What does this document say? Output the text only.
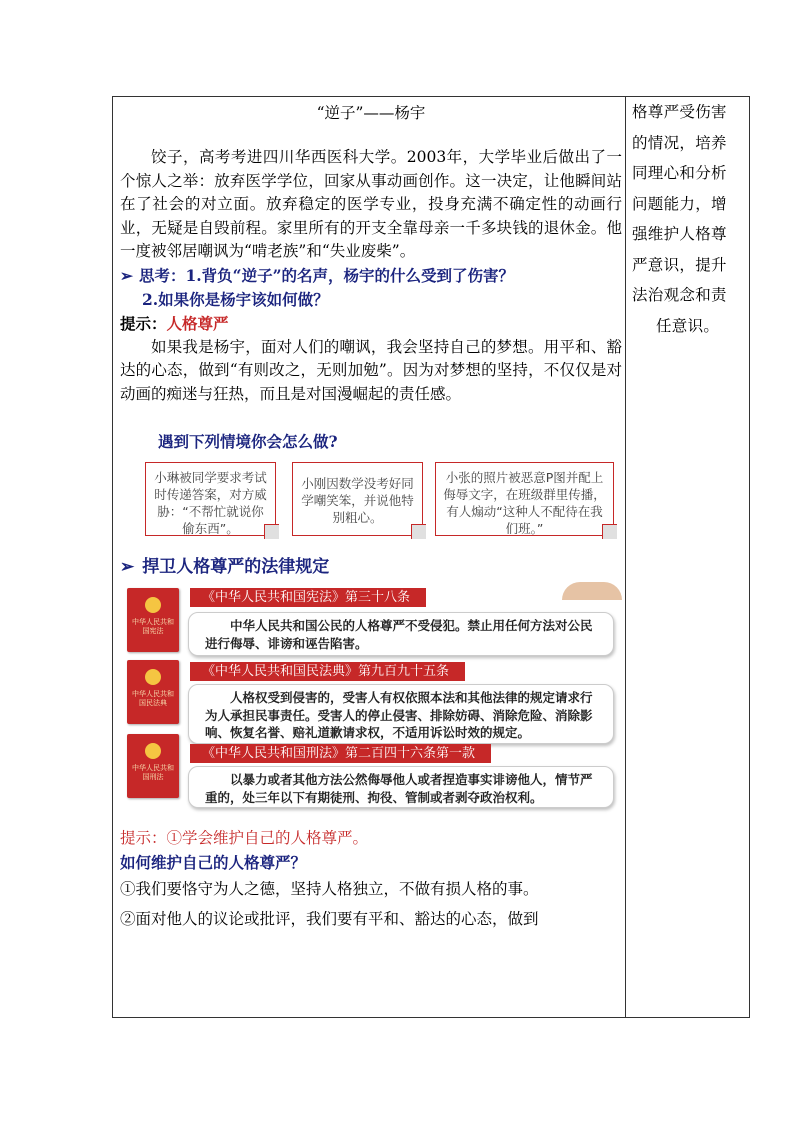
“逆子”——杨宇

饺子，高考考进四川华西医科大学。2003年，大学毕业后做出了一个惊人之举：放弃医学学位，回家从事动画创作。这一决定，让他瞬间站在了社会的对立面。放弃稳定的医学专业，投身充满不确定性的动画行业，无疑是自毁前程。家里所有的开支全靠母亲一千多块钱的退休金。他一度被邻居嘲讽为“啃老族”和“失业废柴”。

➢ 思考：1.背负“逆子”的名声，杨宇的什么受到了伤害？

2.如果你是杨宇该如何做？

提示：人格尊严

如果我是杨宇，面对人们的嘲讽，我会坚持自己的梦想。用平和、豁达的心态，做到“有则改之，无则加勉”。因为对梦想的坚持，不仅仅是对动画的痴迷与狂热，而且是对国漫崛起的责任感。

遇到下列情境你会怎么做?

小琳被同学要求考试时传递答案，对方威胁：“不帮忙就说你偷东西”。
小刚因数学没考好同学嘲笑笨，并说他特别粗心。
小张的照片被恶意P图并配上侮辱文字，在班级群里传播，有人煽动“这种人不配待在我们班。”

➢ 捍卫人格尊严的法律规定

中华人民共和国宪法
《中华人民共和国宪法》第三十八条
中华人民共和国公民的人格尊严不受侵犯。禁止用任何方法对公民进行侮辱、诽谤和诬告陷害。
中华人民共和国民法典
《中华人民共和国民法典》第九百九十五条
人格权受到侵害的，受害人有权依照本法和其他法律的规定请求行为人承担民事责任。受害人的停止侵害、排除妨碍、消除危险、消除影响、恢复名誉、赔礼道歉请求权，不适用诉讼时效的规定。
中华人民共和国刑法
《中华人民共和国刑法》第二百四十六条第一款
以暴力或者其他方法公然侮辱他人或者捏造事实诽谤他人，情节严重的，处三年以下有期徒刑、拘役、管制或者剥夺政治权利。

提示：①学会维护自己的人格尊严。

如何维护自己的人格尊严？

①我们要恪守为人之德，坚持人格独立，不做有损人格的事。

②面对他人的议论或批评，我们要有平和、豁达的心态，做到

格尊严受伤害
的情况，培养
同理心和分析
问题能力，增
强维护人格尊
严意识，提升
法治观念和责
任意识。
